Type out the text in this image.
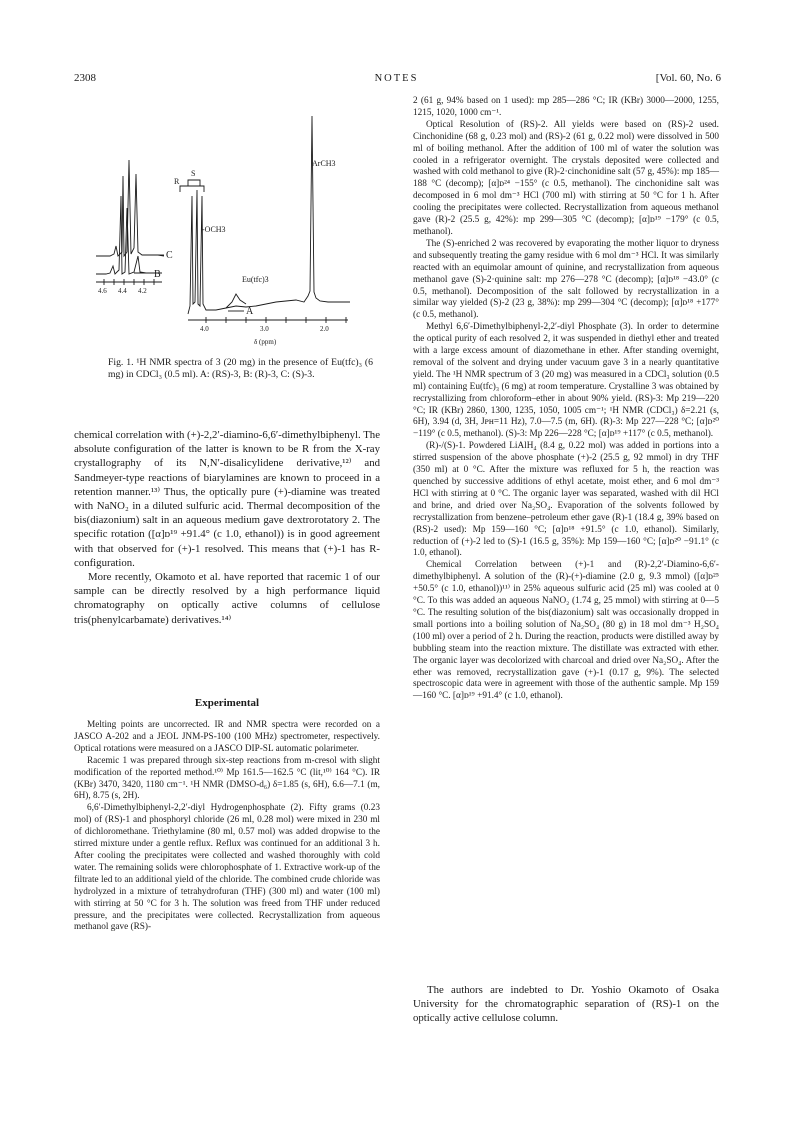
2308	NOTES	[Vol. 60, No. 6
ArCH3
-OCH3
Eu(tfc)3
S
R
A
C
B
4.6 4.4 4.2
4.0	3.0	2.0
δ (ppm)
Fig. 1. ¹H NMR spectra of 3 (20 mg) in the presence of Eu(tfc)₃ (6 mg) in CDCl₃ (0.5 ml). A: (RS)-3, B: (R)-3, C: (S)-3.

chemical correlation with (+)-2,2′-diamino-6,6′-dimethylbiphenyl. The absolute configuration of the latter is known to be R from the X-ray crystallography of its N,N′-disalicylidene derivative,¹²⁾ and Sandmeyer-type reactions of biarylamines are known to proceed in a retention manner.¹³⁾ Thus, the optically pure (+)-diamine was treated with NaNO₂ in a diluted sulfuric acid. Thermal decomposition of the bis(diazonium) salt in an aqueous medium gave dextrorotatory 2. The specific rotation ([α]ᴅ¹⁹ +91.4° (c 1.0, ethanol)) is in good agreement with that observed for (+)-1 resolved. This means that (+)-1 has R-configuration.

More recently, Okamoto et al. have reported that racemic 1 of our sample can be directly resolved by a high performance liquid chromatography on optically active columns of cellulose tris(phenylcarbamate) derivatives.¹⁴⁾

Experimental

Melting points are uncorrected. IR and NMR spectra were recorded on a JASCO A-202 and a JEOL JNM-PS-100 (100 MHz) spectrometer, respectively. Optical rotations were measured on a JASCO DIP-SL automatic polarimeter.

Racemic 1 was prepared through six-step reactions from m-cresol with slight modification of the reported method.¹⁰⁾ Mp 161.5—162.5 °C (lit,¹⁰⁾ 164 °C). IR (KBr) 3470, 3420, 1180 cm⁻¹. ¹H NMR (DMSO-d₆) δ=1.85 (s, 6H), 6.6—7.1 (m, 6H), 8.75 (s, 2H).

6,6′-Dimethylbiphenyl-2,2′-diyl Hydrogenphosphate (2). Fifty grams (0.23 mol) of (RS)-1 and phosphoryl chloride (26 ml, 0.28 mol) were mixed in 230 ml of dichloromethane. Triethylamine (80 ml, 0.57 mol) was added dropwise to the stirred mixture under a gentle reflux. Reflux was continued for an additional 3 h. After cooling the precipitates were collected and washed thoroughly with cold water. The remaining solids were chlorophosphate of 1. Extractive work-up of the filtrate led to an additional yield of the chloride. The combined crude chloride was hydrolyzed in a mixture of tetrahydrofuran (THF) (300 ml) and water (100 ml) with stirring at 50 °C for 3 h. The solution was freed from THF under reduced pressure, and the precipitates were collected. Recrystallization from aqueous methanol gave (RS)-

2 (61 g, 94% based on 1 used): mp 285—286 °C; IR (KBr) 3000—2000, 1255, 1215, 1020, 1000 cm⁻¹.

Optical Resolution of (RS)-2. All yields were based on (RS)-2 used. Cinchonidine (68 g, 0.23 mol) and (RS)-2 (61 g, 0.22 mol) were dissolved in 500 ml of boiling methanol. After the addition of 100 ml of water the solution was cooled in a refrigerator overnight. The crystals deposited were collected and washed with cold methanol to give (R)-2·cinchonidine salt (57 g, 45%): mp 185—188 °C (decomp); [α]ᴅ²⁴ −155° (c 0.5, methanol). The cinchonidine salt was decomposed in 6 mol dm⁻³ HCl (700 ml) with stirring at 50 °C for 1 h. After cooling the precipitates were collected. Recrystallization from aqueous methanol gave (R)-2 (25.5 g, 42%): mp 299—305 °C (decomp); [α]ᴅ¹⁹ −179° (c 0.5, methanol).

The (S)-enriched 2 was recovered by evaporating the mother liquor to dryness and subsequently treating the gamy residue with 6 mol dm⁻³ HCl. It was similarly reacted with an equimolar amount of quinine, and recrystallization from aqueous methanol gave (S)-2·quinine salt: mp 276—278 °C (decomp); [α]ᴅ¹⁸ −43.0° (c 0.5, methanol). Decomposition of the salt followed by recrystallization in a similar way yielded (S)-2 (23 g, 38%): mp 299—304 °C (decomp); [α]ᴅ¹⁸ +177° (c 0.5, methanol).

Methyl 6,6′-Dimethylbiphenyl-2,2′-diyl Phosphate (3). In order to determine the optical purity of each resolved 2, it was suspended in diethyl ether and treated with a large excess amount of diazomethane in ether. After standing overnight, removal of the solvent and drying under vacuum gave 3 in a nearly quantitative yield. The ¹H NMR spectrum of 3 (20 mg) was measured in a CDCl₃ solution (0.5 ml) containing Eu(tfc)₃ (6 mg) at room temperature. Crystalline 3 was obtained by recrystallizing from chloroform–ether in about 90% yield. (RS)-3: Mp 219—220 °C; IR (KBr) 2860, 1300, 1235, 1050, 1005 cm⁻¹; ¹H NMR (CDCl₃) δ=2.21 (s, 6H), 3.94 (d, 3H, Jᴘʜ=11 Hz), 7.0—7.5 (m, 6H). (R)-3: Mp 227—228 °C; [α]ᴅ²⁰ −119° (c 0.5, methanol). (S)-3: Mp 226—228 °C; [α]ᴅ¹⁹ +117° (c 0.5, methanol).

(R)-/(S)-1. Powdered LiAlH₄ (8.4 g, 0.22 mol) was added in portions into a stirred suspension of the above phosphate (+)-2 (25.5 g, 92 mmol) in dry THF (350 ml) at 0 °C. After the mixture was refluxed for 5 h, the reaction was quenched by successive additions of ethyl acetate, moist ether, and 6 mol dm⁻³ HCl with stirring at 0 °C. The organic layer was separated, washed with dil HCl and brine, and dried over Na₂SO₄. Evaporation of the solvents followed by recrystallization from benzene–petroleum ether gave (R)-1 (18.4 g, 39% based on (RS)-2 used): Mp 159—160 °C; [α]ᴅ¹⁸ +91.5° (c 1.0, ethanol). Similarly, reduction of (+)-2 led to (S)-1 (16.5 g, 35%): Mp 159—160 °C; [α]ᴅ²⁰ −91.1° (c 1.0, ethanol).

Chemical Correlation between (+)-1 and (R)-2,2′-Diamino-6,6′-dimethylbiphenyl. A solution of the (R)-(+)-diamine (2.0 g, 9.3 mmol) ([α]ᴅ²⁵ +50.5° (c 1.0, ethanol))¹¹⁾ in 25% aqueous sulfuric acid (25 ml) was cooled at 0 °C. To this was added an aqueous NaNO₂ (1.74 g, 25 mmol) with stirring at 0—5 °C. The resulting solution of the bis(diazonium) salt was occasionally dropped in small portions into a boiling solution of Na₂SO₄ (80 g) in 18 mol dm⁻³ H₂SO₄ (100 ml) over a period of 2 h. During the reaction, products were distilled away by bubbling steam into the reaction mixture. The distillate was extracted with ether. The organic layer was decolorized with charcoal and dried over Na₂SO₄. After the ether was removed, recrystallization gave (+)-1 (0.17 g, 9%). The selected spectroscopic data were in agreement with those of the authentic sample. Mp 159—160 °C. [α]ᴅ¹⁹ +91.4° (c 1.0, ethanol).

The authors are indebted to Dr. Yoshio Okamoto of Osaka University for the chromatographic separation of (RS)-1 on the optically active cellulose column.
